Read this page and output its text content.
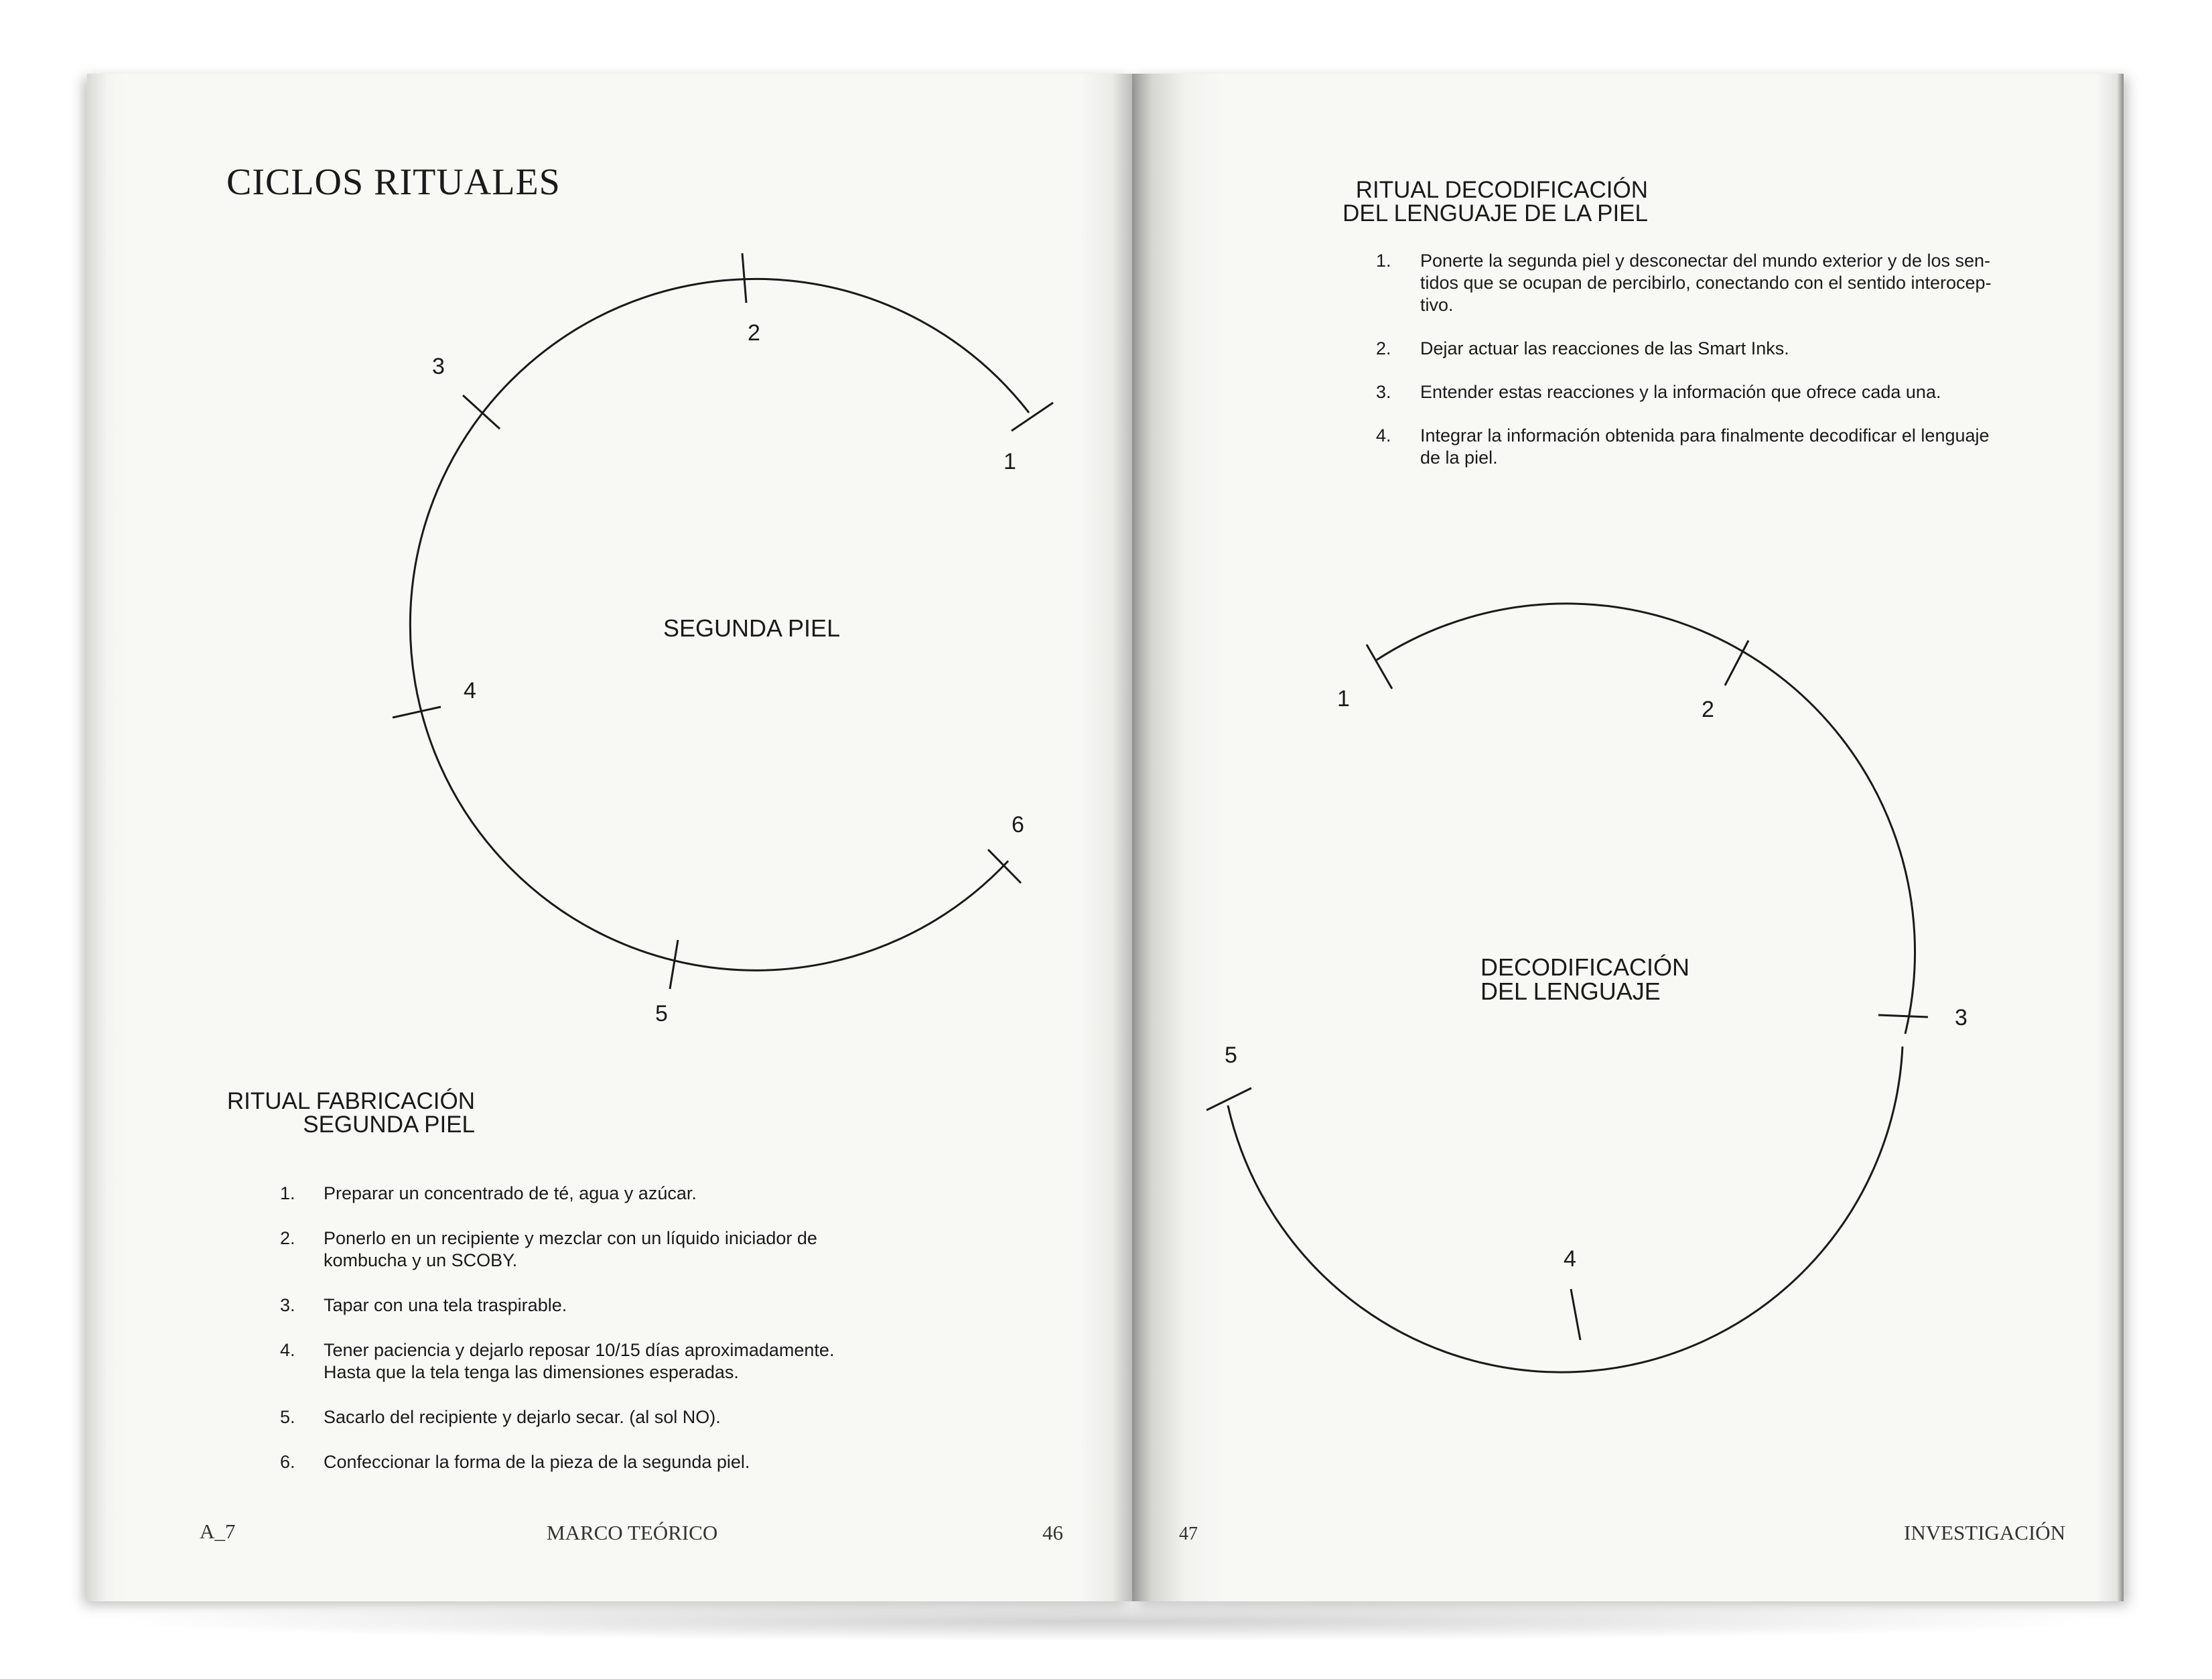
CICLOS RITUALES
1
2
3
4
5
6
SEGUNDA PIEL
RITUAL FABRICACIÓN
SEGUNDA PIEL
1. Preparar un concentrado de té, agua y azúcar.
2. Ponerlo en un recipiente y mezclar con un líquido iniciador de
kombucha y un SCOBY.
3. Tapar con una tela traspirable.
4. Tener paciencia y dejarlo reposar 10/15 días aproximadamente.
Hasta que la tela tenga las dimensiones esperadas.
5. Sacarlo del recipiente y dejarlo secar. (al sol NO).
6. Confeccionar la forma de la pieza de la segunda piel.
A_7	MARCO TEÓRICO	46
RITUAL DECODIFICACIÓN
DEL LENGUAJE DE LA PIEL
1. Ponerte la segunda piel y desconectar del mundo exterior y de los sen-
tidos que se ocupan de percibirlo, conectando con el sentido interocep-
tivo.
2. Dejar actuar las reacciones de las Smart Inks.
3. Entender estas reacciones y la información que ofrece cada una.
4. Integrar la información obtenida para finalmente decodificar el lenguaje
de la piel.
1	2
3
4
5
DECODIFICACIÓN
DEL LENGUAJE
47	INVESTIGACIÓN
